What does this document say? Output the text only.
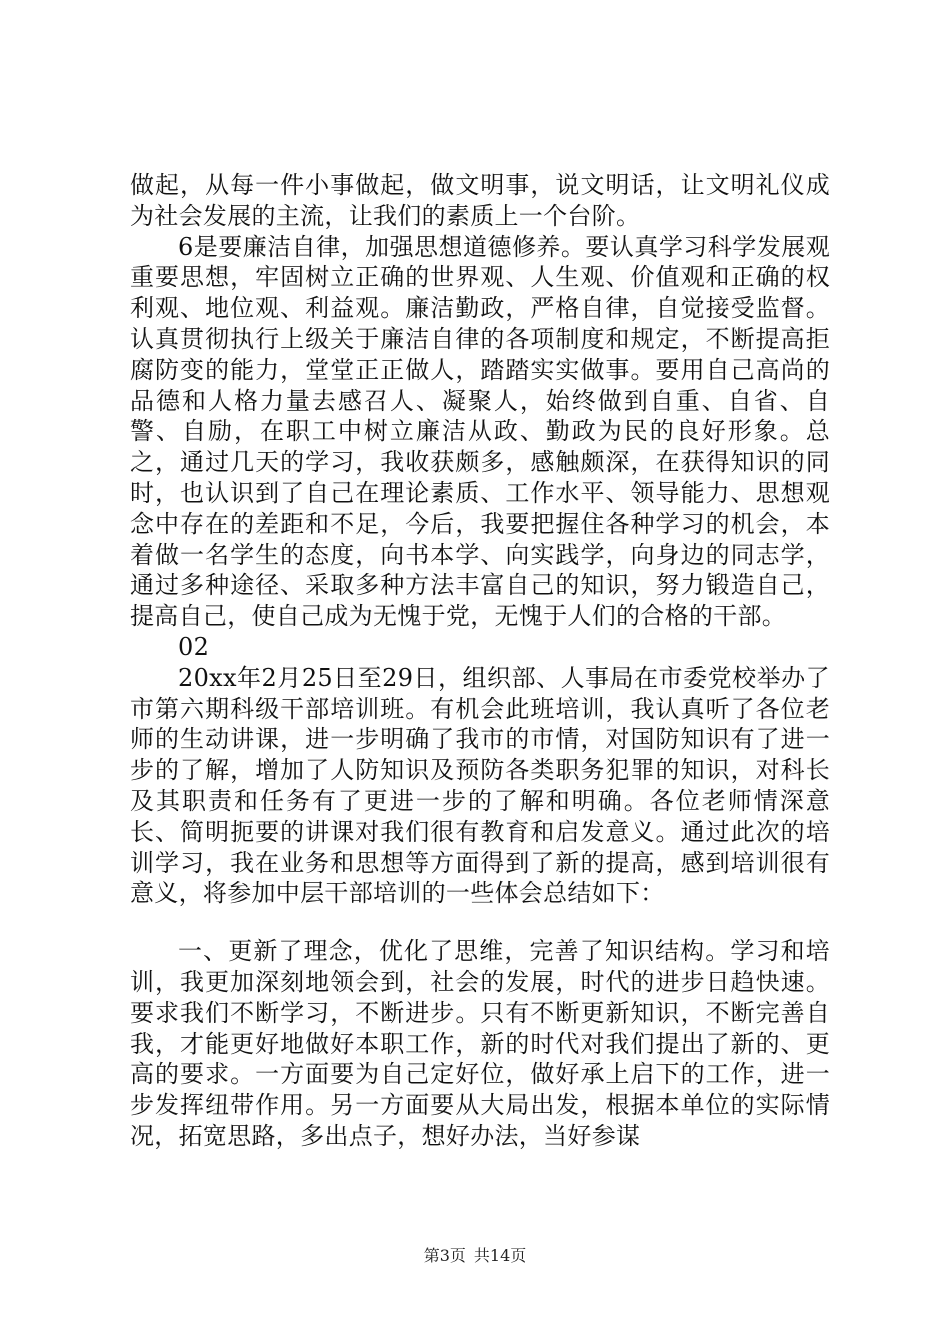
做起，从每一件小事做起，做文明事，说文明话，让文明礼仪成为社会发展的主流，让我们的素质上一个台阶。

6是要廉洁自律，加强思想道德修养。要认真学习科学发展观重要思想，牢固树立正确的世界观、人生观、价值观和正确的权利观、地位观、利益观。廉洁勤政，严格自律，自觉接受监督。认真贯彻执行上级关于廉洁自律的各项制度和规定，不断提高拒腐防变的能力，堂堂正正做人，踏踏实实做事。要用自己高尚的品德和人格力量去感召人、凝聚人，始终做到自重、自省、自警、自励，在职工中树立廉洁从政、勤政为民的良好形象。总之，通过几天的学习，我收获颇多，感触颇深，在获得知识的同时，也认识到了自己在理论素质、工作水平、领导能力、思想观念中存在的差距和不足，今后，我要把握住各种学习的机会，本着做一名学生的态度，向书本学、向实践学，向身边的同志学，通过多种途径、采取多种方法丰富自己的知识，努力锻造自己，提高自己，使自己成为无愧于党，无愧于人们的合格的干部。

02

20xx年2月25日至29日，组织部、人事局在市委党校举办了市第六期科级干部培训班。有机会此班培训，我认真听了各位老师的生动讲课，进一步明确了我市的市情，对国防知识有了进一步的了解，增加了人防知识及预防各类职务犯罪的知识，对科长及其职责和任务有了更进一步的了解和明确。各位老师情深意长、简明扼要的讲课对我们很有教育和启发意义。通过此次的培训学习，我在业务和思想等方面得到了新的提高，感到培训很有意义，将参加中层干部培训的一些体会总结如下：

一、更新了理念，优化了思维，完善了知识结构。学习和培训，我更加深刻地领会到，社会的发展，时代的进步日趋快速。要求我们不断学习，不断进步。只有不断更新知识，不断完善自我，才能更好地做好本职工作，新的时代对我们提出了新的、更高的要求。一方面要为自己定好位，做好承上启下的工作，进一步发挥纽带作用。另一方面要从大局出发，根据本单位的实际情况，拓宽思路，多出点子，想好办法，当好参谋

第3页 共14页
